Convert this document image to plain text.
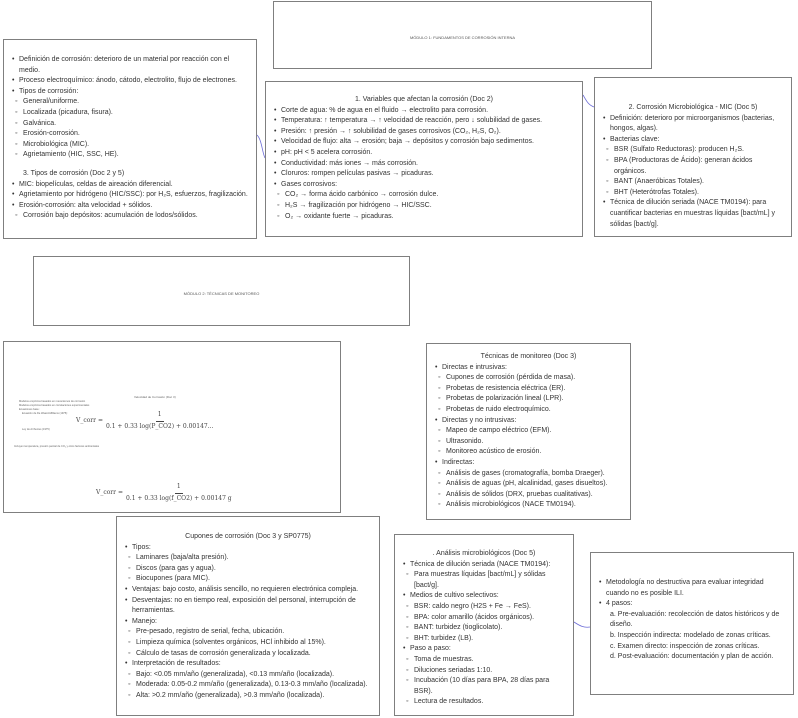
MÓDULO 1: FUNDAMENTOS DE CORROSIÓN INTERNA
• Definición de corrosión: deterioro de un material por reacción con el medio.
• Proceso electroquímico: ánodo, cátodo, electrolito, flujo de electrones.
• Tipos de corrosión:
◦ General/uniforme.
◦ Localizada (picadura, fisura).
◦ Galvánica.
◦ Erosión-corrosión.
◦ Microbiológica (MIC).
◦ Agrietamiento (HIC, SSC, HE).
3. Tipos de corrosión (Doc 2 y 5)
• MIC: biopelículas, celdas de aireación diferencial.
• Agrietamiento por hidrógeno (HIC/SSC): por H₂S, esfuerzos, fragilización.
• Erosión-corrosión: alta velocidad + sólidos.
◦ Corrosión bajo depósitos: acumulación de lodos/sólidos.
1. Variables que afectan la corrosión (Doc 2)
• Corte de agua: % de agua en el fluido → electrolito para corrosión.
• Temperatura: ↑ temperatura → ↑ velocidad de reacción, pero ↓ solubilidad de gases.
• Presión: ↑ presión → ↑ solubilidad de gases corrosivos (CO₂, H₂S, O₂).
• Velocidad de flujo: alta → erosión; baja → depósitos y corrosión bajo sedimentos.
• pH: pH < 5 acelera corrosión.
• Conductividad: más iones → más corrosión.
• Cloruros: rompen películas pasivas → picaduras.
• Gases corrosivos:
◦ CO₂ → forma ácido carbónico → corrosión dulce.
◦ H₂S → fragilización por hidrógeno → HIC/SSC.
◦ O₂ → oxidante fuerte → picaduras.
2. Corrosión Microbiológica - MIC (Doc 5)
• Definición: deterioro por microorganismos (bacterias, hongos, algas).
• Bacterias clave:
◦ BSR (Sulfato Reductoras): producen H₂S.
◦ BPA (Productoras de Ácido): generan ácidos orgánicos.
◦ BANT (Anaeróbicas Totales).
◦ BHT (Heterótrofas Totales).
• Técnica de dilución seriada (NACE TM0194): para cuantificar bacterias en muestras líquidas [bact/mL] y sólidas [bact/g].
MÓDULO 2: TÉCNICAS DE MONITOREO
Velocidad de Corrosión (Doc 3)
Modelos empíricos basados en mecanismos de corrosión
Modelos empíricos basados en correlaciones experimentales
Ecuaciones base:
Ecuación de De Waard-Milliams (1975):
V_corr = $\frac{1}{0.1 + 0.33 \log(P\_CO2) + 0.00147...}$
Ley de Arrhenius (1975)
Incluyen temperatura, presión parcial de CO₂ y otros factores ambientales
V_corr = $\frac{1}{0.1 + 0.33 \log(f\_CO2) + 0.00147 g}$
Técnicas de monitoreo (Doc 3)
• Directas e intrusivas:
◦ Cupones de corrosión (pérdida de masa).
◦ Probetas de resistencia eléctrica (ER).
◦ Probetas de polarización lineal (LPR).
◦ Probetas de ruido electroquímico.
• Directas y no intrusivas:
◦ Mapeo de campo eléctrico (EFM).
◦ Ultrasonido.
◦ Monitoreo acústico de erosión.
• Indirectas:
◦ Análisis de gases (cromatografía, bomba Draeger).
◦ Análisis de aguas (pH, alcalinidad, gases disueltos).
◦ Análisis de sólidos (DRX, pruebas cualitativas).
◦ Análisis microbiológicos (NACE TM0194).
Cupones de corrosión (Doc 3 y SP0775)
• Tipos:
◦ Laminares (baja/alta presión).
◦ Discos (para gas y agua).
◦ Biocupones (para MIC).
• Ventajas: bajo costo, análisis sencillo, no requieren electrónica compleja.
• Desventajas: no en tiempo real, exposición del personal, interrupción de herramientas.
• Manejo:
◦ Pre-pesado, registro de serial, fecha, ubicación.
◦ Limpieza química (solventes orgánicos, HCl inhibido al 15%).
◦ Cálculo de tasas de corrosión generalizada y localizada.
• Interpretación de resultados:
◦ Bajo: <0.05 mm/año (generalizada), <0.13 mm/año (localizada).
◦ Moderada: 0.05-0.2 mm/año (generalizada), 0.13-0.3 mm/año (localizada).
◦ Alta: >0.2 mm/año (generalizada), >0.3 mm/año (localizada).
. Análisis microbiológicos (Doc 5)
• Técnica de dilución seriada (NACE TM0194):
◦ Para muestras líquidas [bact/mL] y sólidas [bact/g].
• Medios de cultivo selectivos:
◦ BSR: caldo negro (H2S + Fe → FeS).
◦ BPA: color amarillo (ácidos orgánicos).
◦ BANT: turbidez (tioglicolato).
◦ BHT: turbidez (LB).
• Paso a paso:
◦ Toma de muestras.
◦ Diluciones seriadas 1:10.
◦ Incubación (10 días para BPA, 28 días para BSR).
◦ Lectura de resultados.
• Metodología no destructiva para evaluar integridad cuando no es posible ILI.
• 4 pasos:
a. Pre-evaluación: recolección de datos históricos y de diseño.
b. Inspección indirecta: modelado de zonas críticas.
c. Examen directo: inspección de zonas críticas.
d. Post-evaluación: documentación y plan de acción.
